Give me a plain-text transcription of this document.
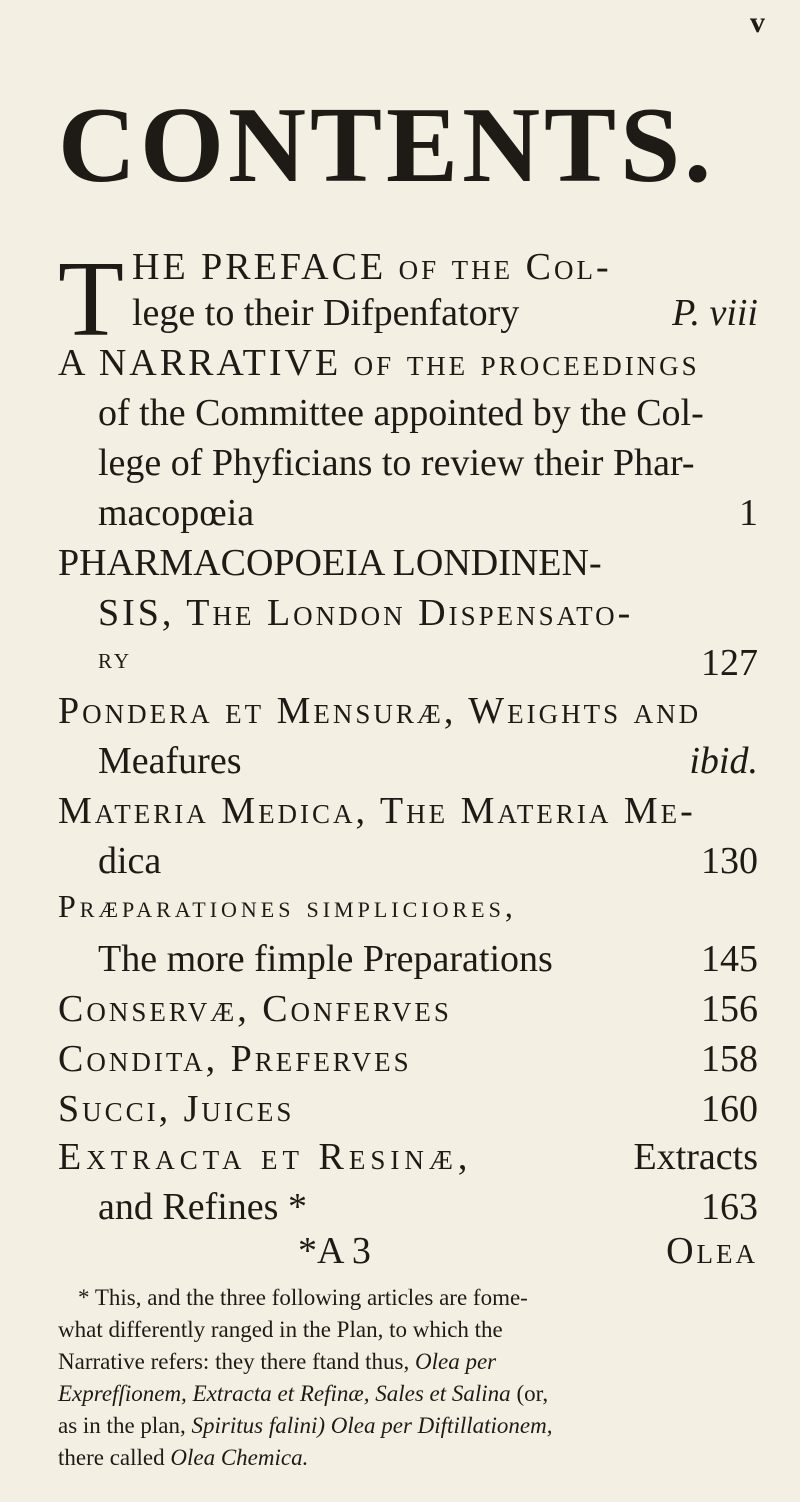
v
CONTENTS.
T HE PREFACE of the Col-
lege to their Difpenfatory	P. viii
A NARRATIVE of the proceedings
of the Committee appointed by the Col-
lege of Phyficians to review their Phar-
macopœia	1
PHARMACOPOEIA LONDINEN-
SIS, The London Dispensato-
ry	127
Pondera et Mensuræ, Weights and
Meafures	ibid.
Materia Medica, The Materia Me-
dica	130
Præparationes simpliciores,
The more fimple Preparations	145
Conservæ, Conferves	156
Condita, Preferves	158
Succi, Juices	160
Extracta et Resinæ,	Extracts
and Refines *	163
*A 3	Olea

* This, and the three following articles are fome-

what differently ranged in the Plan, to which the

Narrative refers: they there ftand thus, Olea per

Exprefſionem, Extracta et Refinæ, Sales et Salina (or,

as in the plan, Spiritus falini) Olea per Diftillationem,

there called Olea Chemica.
